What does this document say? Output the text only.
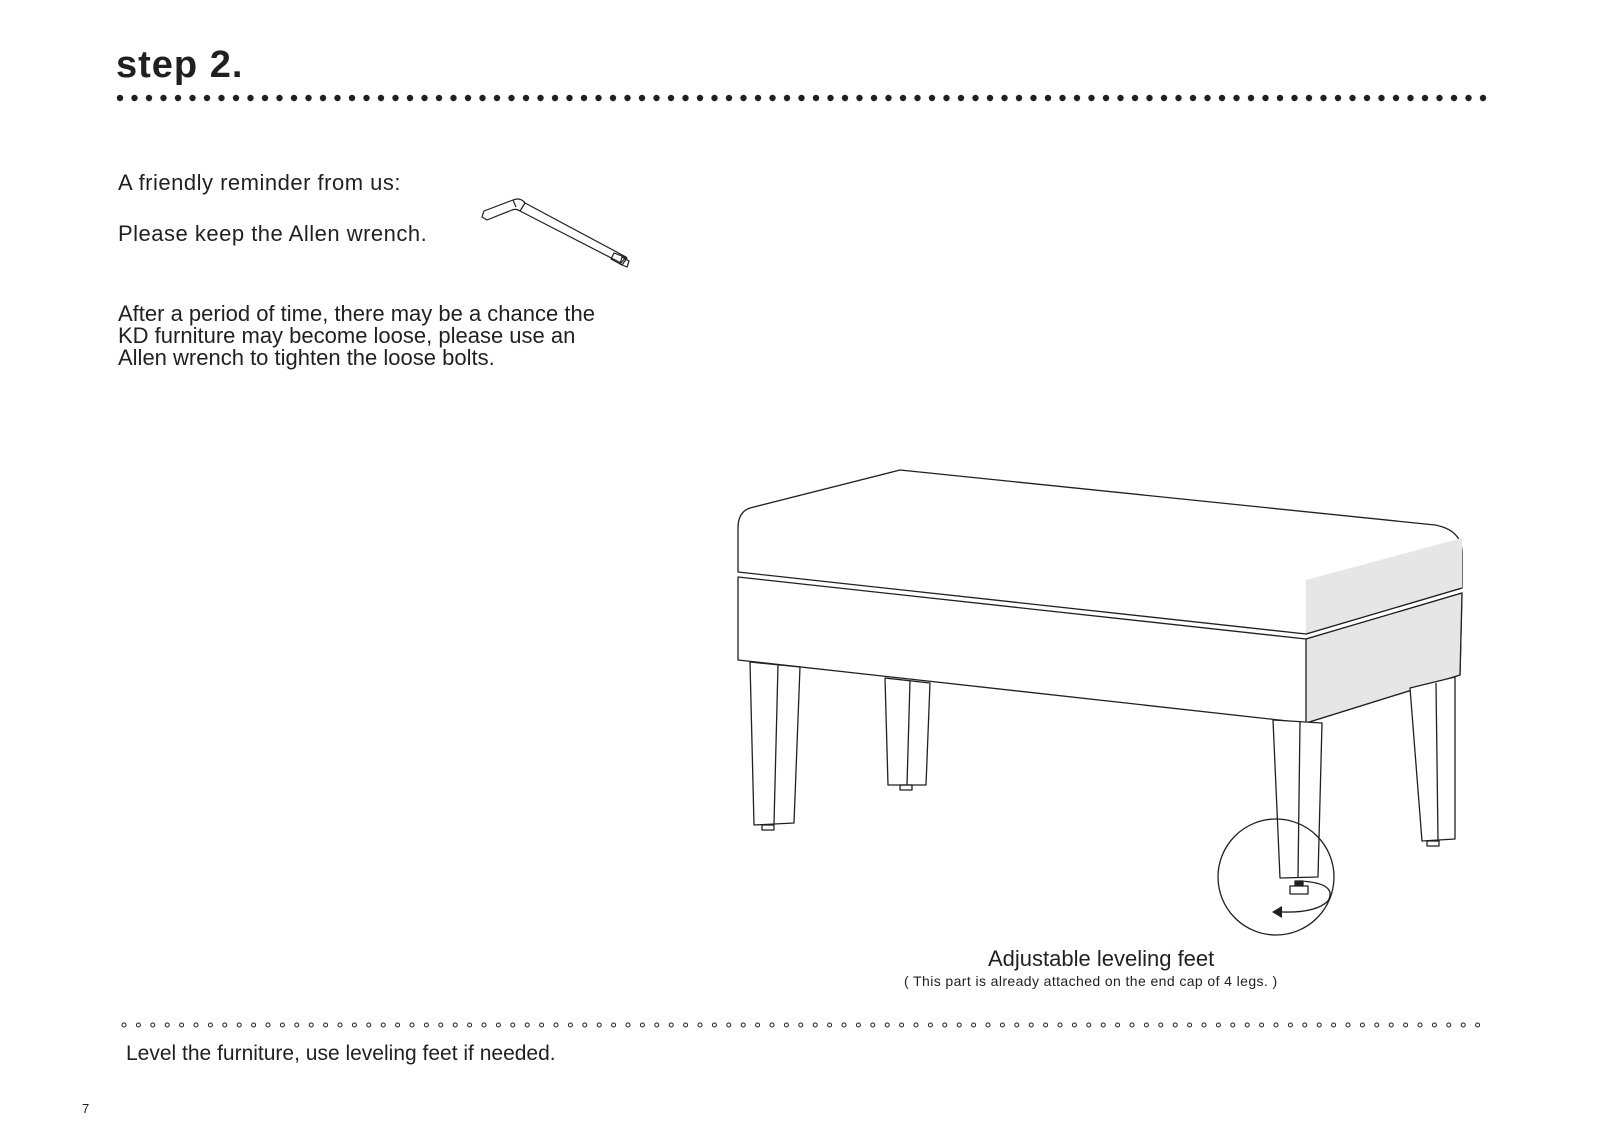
step 2.
A friendly reminder from us:
Please keep the Allen wrench.
After a period of time, there may be a chance the
KD furniture may become loose, please use an
Allen wrench to tighten the loose bolts.
Adjustable leveling feet
( This part is already attached on the end cap of 4 legs. )
Level the furniture, use leveling feet if needed.
7
